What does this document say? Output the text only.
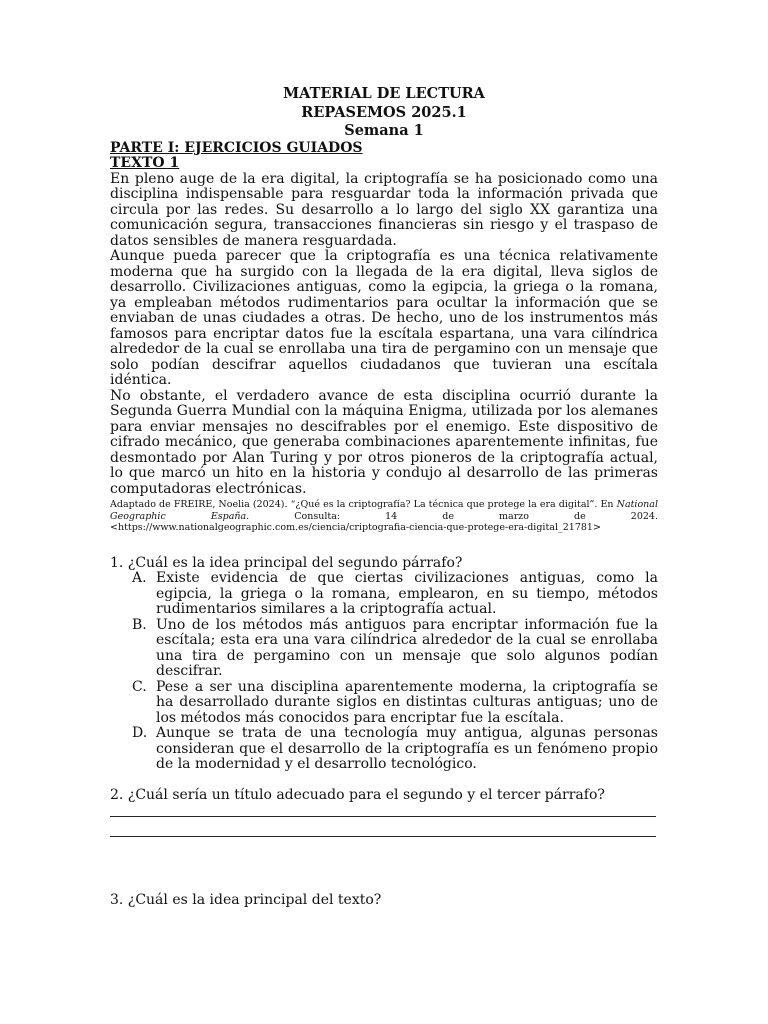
MATERIAL DE LECTURA
REPASEMOS 2025.1
Semana 1
PARTE I: EJERCICIOS GUIADOS
TEXTO 1

En pleno auge de la era digital, la criptografía se ha posicionado como una disciplina indispensable para resguardar toda la información privada que circula por las redes. Su desarrollo a lo largo del siglo XX garantiza una comunicación segura, transacciones financieras sin riesgo y el traspaso de datos sensibles de manera resguardada.

Aunque pueda parecer que la criptografía es una técnica relativamente moderna que ha surgido con la llegada de la era digital, lleva siglos de desarrollo. Civilizaciones antiguas, como la egipcia, la griega o la romana, ya empleaban métodos rudimentarios para ocultar la información que se enviaban de unas ciudades a otras. De hecho, uno de los instrumentos más famosos para encriptar datos fue la escítala espartana, una vara cilíndrica alrededor de la cual se enrollaba una tira de pergamino con un mensaje que solo podían descifrar aquellos ciudadanos que tuvieran una escítala idéntica.

No obstante, el verdadero avance de esta disciplina ocurrió durante la Segunda Guerra Mundial con la máquina Enigma, utilizada por los alemanes para enviar mensajes no descifrables por el enemigo. Este dispositivo de cifrado mecánico, que generaba combinaciones aparentemente infinitas, fue desmontado por Alan Turing y por otros pioneros de la criptografía actual, lo que marcó un hito en la historia y condujo al desarrollo de las primeras computadoras electrónicas.

Adaptado de FREIRE, Noelia (2024). “¿Qué es la criptografía? La técnica que protege la era digital”. En National Geographic España.	Consulta: 14 de marzo de 2024. <https://www.nationalgeographic.com.es/ciencia/criptografia-ciencia-que-protege-era-digital_21781>

1. ¿Cuál es la idea principal del segundo párrafo?

A. Existe evidencia de que ciertas civilizaciones antiguas, como la egipcia, la griega o la romana, emplearon, en su tiempo, métodos rudimentarios similares a la criptografía actual.
B. Uno de los métodos más antiguos para encriptar información fue la escítala; esta era una vara cilíndrica alrededor de la cual se enrollaba una tira de pergamino con un mensaje que solo algunos podían descifrar.
C. Pese a ser una disciplina aparentemente moderna, la criptografía se ha desarrollado durante siglos en distintas culturas antiguas; uno de los métodos más conocidos para encriptar fue la escítala.
D. Aunque se trata de una tecnología muy antigua, algunas personas consideran que el desarrollo de la criptografía es un fenómeno propio de la modernidad y el desarrollo tecnológico.

2. ¿Cuál sería un título adecuado para el segundo y el tercer párrafo?

3. ¿Cuál es la idea principal del texto?
